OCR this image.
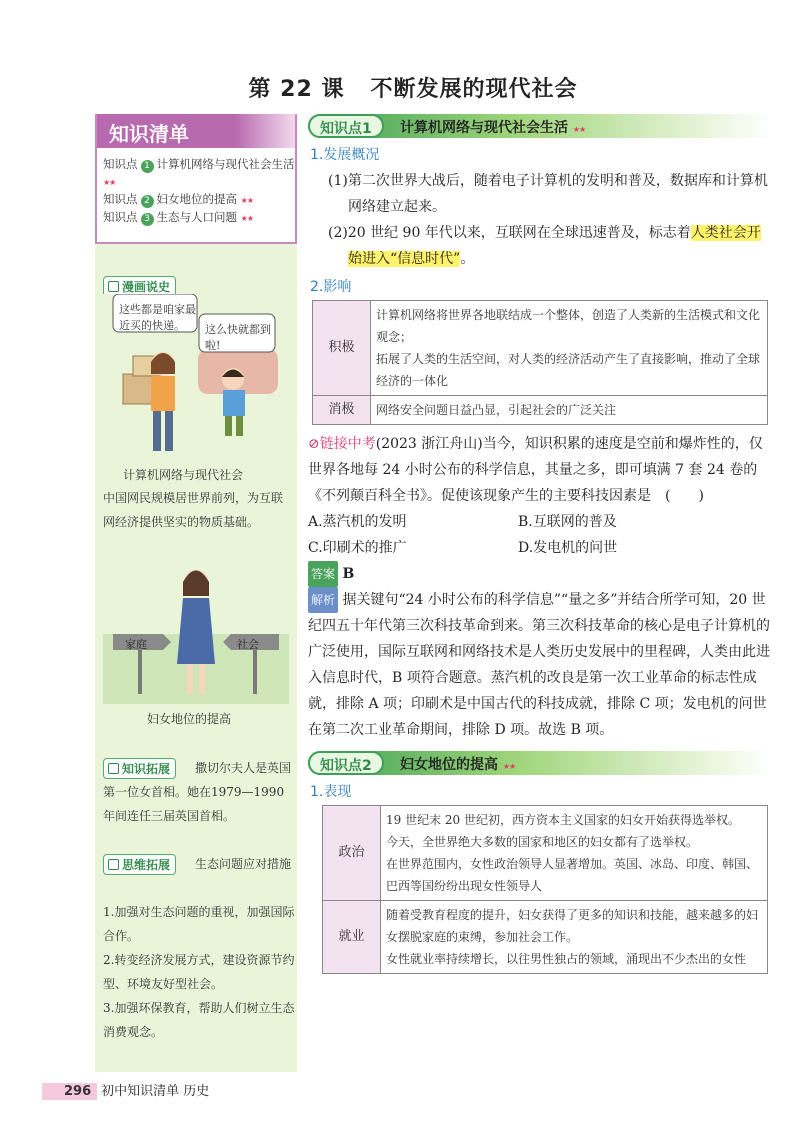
第 22 课 不断发展的现代社会
知识清单
知识点 1 计算机网络与现代社会生活★★
知识点 2 妇女地位的提高 ★★
知识点 3 生态与人口问题 ★★
漫画说史
这些都是咱家最近买的快递。	这么快就都到啦!
计算机网络与现代社会
中国网民规模居世界前列，为互联网经济提供坚实的物质基础。
家庭	社会
妇女地位的提高
知识拓展	撒切尔夫人是英国第一位女首相。她在1979—1990年间连任三届英国首相。
思维拓展	生态问题应对措施
1.加强对生态问题的重视，加强国际合作。
2.转变经济发展方式，建设资源节约型、环境友好型社会。
3.加强环保教育，帮助人们树立生态消费观念。
知识点1	计算机网络与现代社会生活 ★★
1.发展概况
(1)第二次世界大战后，随着电子计算机的发明和普及，数据库和计算机网络建立起来。
(2)20 世纪 90 年代以来，互联网在全球迅速普及，标志着人类社会开始进入“信息时代”。
2.影响
积极	计算机网络将世界各地联结成一个整体，创造了人类新的生活模式和文化观念；
拓展了人类的生活空间，对人类的经济活动产生了直接影响，推动了全球经济的一体化

消极	网络安全问题日益凸显，引起社会的广泛关注
⊘链接中考(2023 浙江舟山)当今，知识积累的速度是空前和爆炸性的，仅世界各地每 24 小时公布的科学信息，其量之多，即可填满 7 套 24 卷的《不列颠百科全书》。促使该现象产生的主要科技因素是　(　　)
A.蒸汽机的发明	B.互联网的普及
C.印刷术的推广	D.发电机的问世
答案 B
解析 据关键句“24 小时公布的科学信息”“量之多”并结合所学可知，20 世纪四五十年代第三次科技革命到来。第三次科技革命的核心是电子计算机的广泛使用，国际互联网和网络技术是人类历史发展中的里程碑，人类由此进入信息时代，B 项符合题意。蒸汽机的改良是第一次工业革命的标志性成就，排除 A 项；印刷术是中国古代的科技成就，排除 C 项；发电机的问世在第二次工业革命期间，排除 D 项。故选 B 项。
知识点2	妇女地位的提高 ★★
1.表现
政治	19 世纪末 20 世纪初，西方资本主义国家的妇女开始获得选举权。
今天，全世界绝大多数的国家和地区的妇女都有了选举权。
在世界范围内，女性政治领导人显著增加。英国、冰岛、印度、韩国、巴西等国纷纷出现女性领导人

就业	随着受教育程度的提升，妇女获得了更多的知识和技能，越来越多的妇女摆脱家庭的束缚，参加社会工作。
女性就业率持续增长，以往男性独占的领域，涌现出不少杰出的女性
296 初中知识清单 历史
